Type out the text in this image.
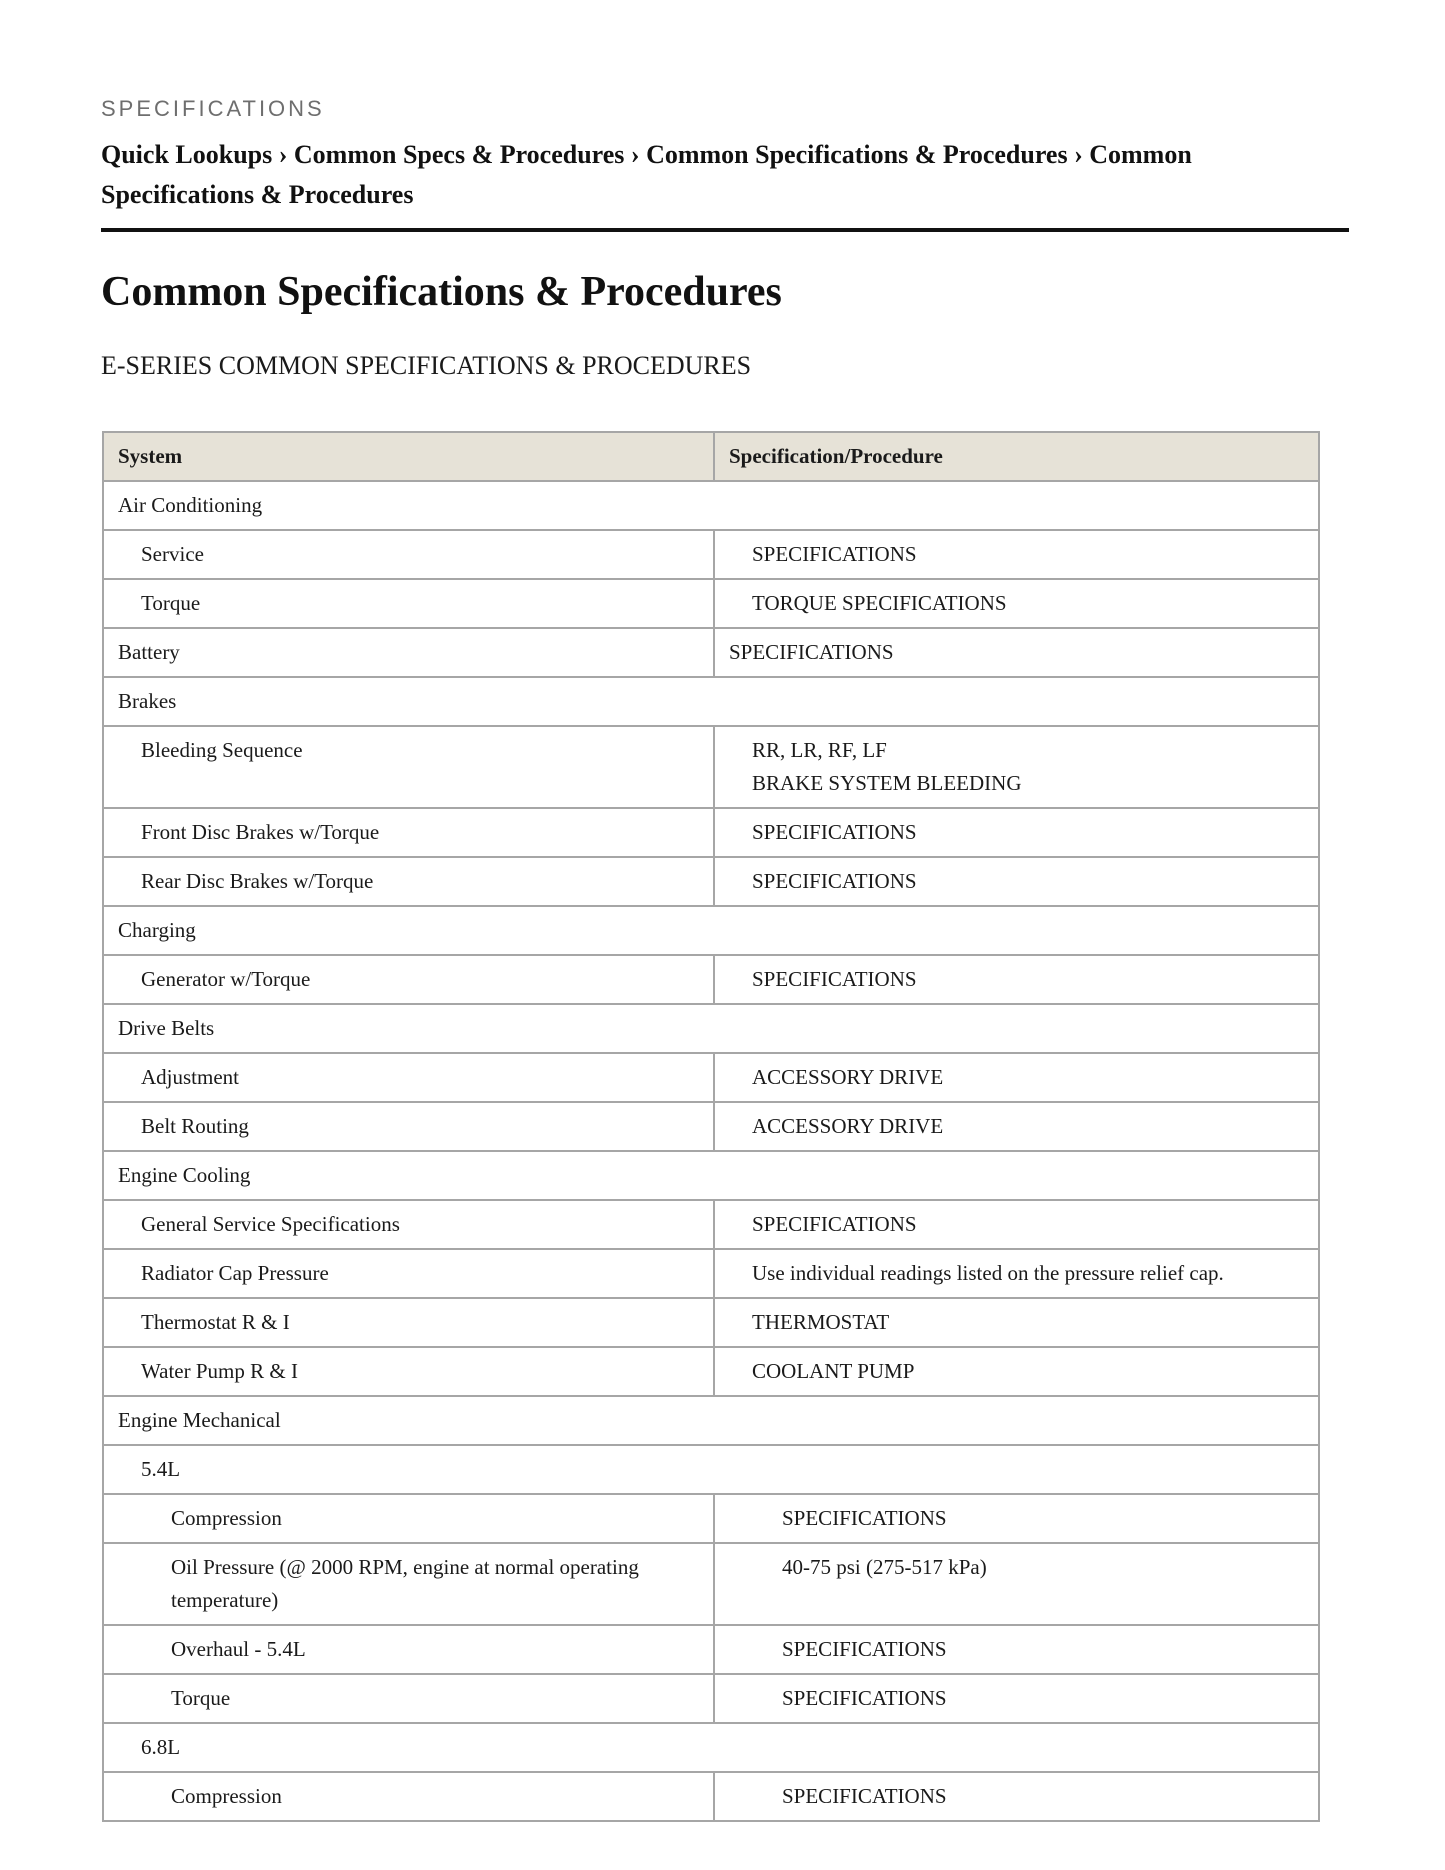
SPECIFICATIONS
Quick Lookups › Common Specs & Procedures › Common Specifications & Procedures › Common Specifications & Procedures
Common Specifications & Procedures
E-SERIES COMMON SPECIFICATIONS & PROCEDURES
System	Specification/Procedure
Air Conditioning	
Service	SPECIFICATIONS

Torque	TORQUE SPECIFICATIONS

Battery	SPECIFICATIONS

Brakes	
Bleeding Sequence	RR, LR, RF, LF
BRAKE SYSTEM BLEEDING

Front Disc Brakes w/Torque	SPECIFICATIONS

Rear Disc Brakes w/Torque	SPECIFICATIONS

Charging	
Generator w/Torque	SPECIFICATIONS

Drive Belts	
Adjustment	ACCESSORY DRIVE

Belt Routing	ACCESSORY DRIVE

Engine Cooling	
General Service Specifications	SPECIFICATIONS

Radiator Cap Pressure	Use individual readings listed on the pressure relief cap.

Thermostat R & I	THERMOSTAT

Water Pump R & I	COOLANT PUMP

Engine Mechanical	
5.4L	
Compression	SPECIFICATIONS

Oil Pressure (@ 2000 RPM, engine at normal operating temperature)	40-75 psi (275-517 kPa)

Overhaul - 5.4L	SPECIFICATIONS

Torque	SPECIFICATIONS

6.8L	
Compression	SPECIFICATIONS
